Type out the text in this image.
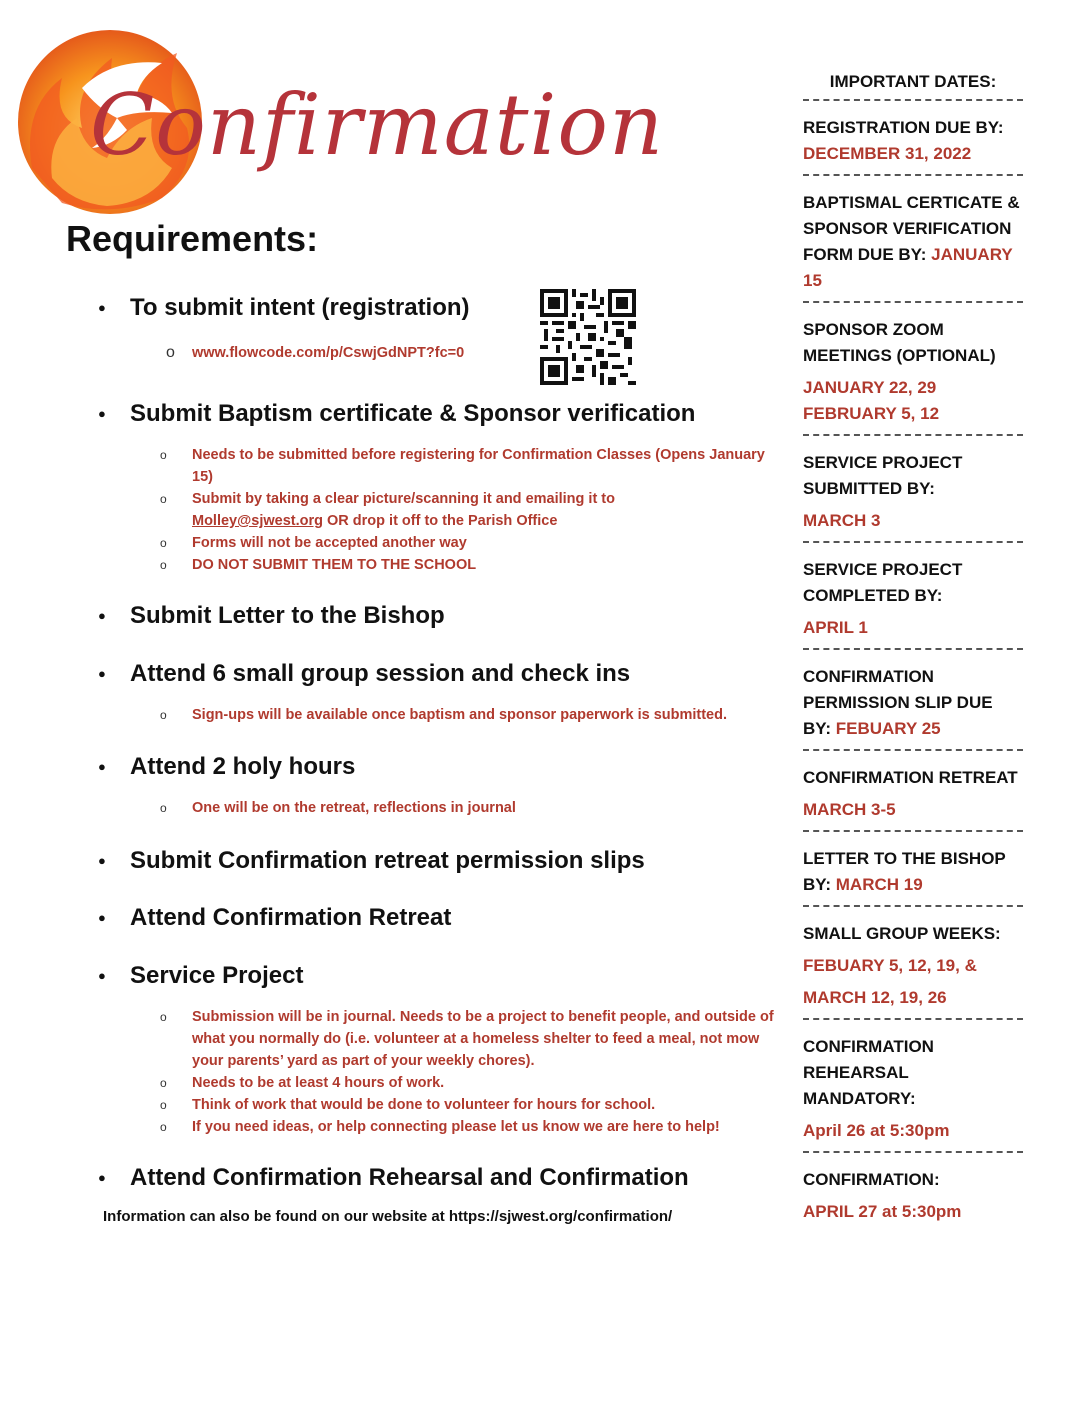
Confirmation
Requirements:
● To submit intent (registration)
o www.flowcode.com/p/CswjGdNPT?fc=0
● Submit Baptism certificate & Sponsor verification
o Needs to be submitted before registering for Confirmation Classes (Opens January 15)
o Submit by taking a clear picture/scanning it and emailing it to
Molley@sjwest.org OR drop it off to the Parish Office
o Forms will not be accepted another way
o DO NOT SUBMIT THEM TO THE SCHOOL
● Submit Letter to the Bishop
● Attend 6 small group session and check ins
o Sign-ups will be available once baptism and sponsor paperwork is submitted.
● Attend 2 holy hours
o One will be on the retreat, reflections in journal
● Submit Confirmation retreat permission slips
● Attend Confirmation Retreat
● Service Project
o Submission will be in journal. Needs to be a project to benefit people, and outside of what you normally do (i.e. volunteer at a homeless shelter to feed a meal, not mow your parents’ yard as part of your weekly chores).
o Needs to be at least 4 hours of work.
o Think of work that would be done to volunteer for hours for school.
o If you need ideas, or help connecting please let us know we are here to help!
● Attend Confirmation Rehearsal and Confirmation

Information can also be found on our website at https://sjwest.org/confirmation/

IMPORTANT DATES:
REGISTRATION DUE BY: DECEMBER 31, 2022
BAPTISMAL CERTICATE & SPONSOR VERIFICATION FORM DUE BY: JANUARY 15
SPONSOR ZOOM MEETINGS (OPTIONAL)
JANUARY 22, 29
FEBRUARY 5, 12
SERVICE PROJECT SUBMITTED BY:
MARCH 3
SERVICE PROJECT COMPLETED BY:
APRIL 1
CONFIRMATION PERMISSION SLIP DUE BY: FEBUARY 25
CONFIRMATION RETREAT
MARCH 3-5
LETTER TO THE BISHOP BY: MARCH 19
SMALL GROUP WEEKS:
FEBUARY 5, 12, 19, &
MARCH 12, 19, 26
CONFIRMATION REHEARSAL MANDATORY:
April 26 at 5:30pm
CONFIRMATION:
APRIL 27 at 5:30pm
